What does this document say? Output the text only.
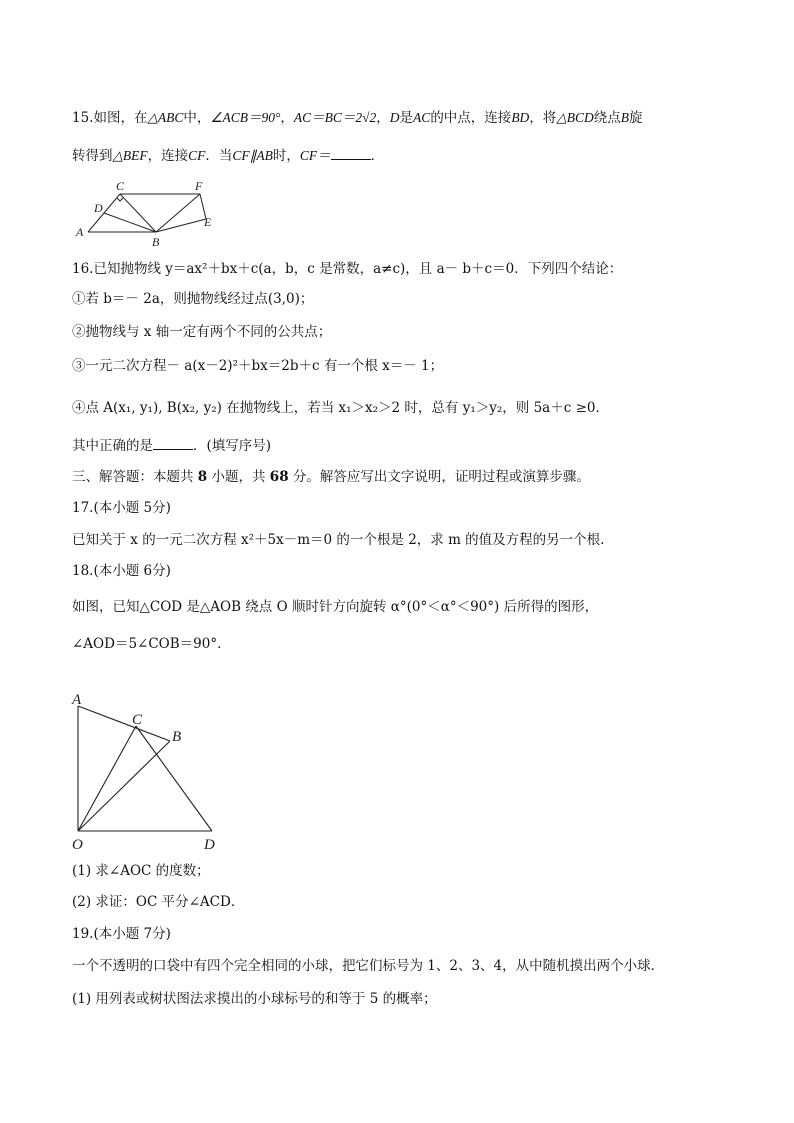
15.如图，在△ABC中，∠ACB＝90°，AC＝BC＝2√2，D是AC的中点，连接BD，将△BCD绕点B旋
转得到△BEF，连接CF．当CF∥AB时，CF＝	．
A
B
C
D
E
F
16.已知抛物线 y＝ax²＋bx＋c(a，b，c 是常数，a≠c)，且 a－ b＋c＝0．下列四个结论：
①若 b＝－ 2a，则抛物线经过点(3,0)；
②抛物线与 x 轴一定有两个不同的公共点；
③一元二次方程－ a(x－2)²＋bx＝2b＋c 有一个根 x＝－ 1；
④点 A(x₁, y₁), B(x₂, y₂) 在抛物线上，若当 x₁＞x₂＞2 时，总有 y₁＞y₂，则 5a＋c ≥0．
其中正确的是	．(填写序号)
三、解答题：本题共 8 小题，共 68 分。解答应写出文字说明，证明过程或演算步骤。
17.(本小题 5分)
已知关于 x 的一元二次方程 x²＋5x－m＝0 的一个根是 2，求 m 的值及方程的另一个根.
18.(本小题 6分)
如图，已知△COD 是△AOB 绕点 O 顺时针方向旋转 α°(0°＜α°＜90°) 后所得的图形，
∠AOD＝5∠COB＝90°．
A
C
B
O	D
(1) 求∠AOC 的度数；
(2) 求证：OC 平分∠ACD．
19.(本小题 7分)
一个不透明的口袋中有四个完全相同的小球，把它们标号为 1、2、3、4，从中随机摸出两个小球．
(1) 用列表或树状图法求摸出的小球标号的和等于 5 的概率；
